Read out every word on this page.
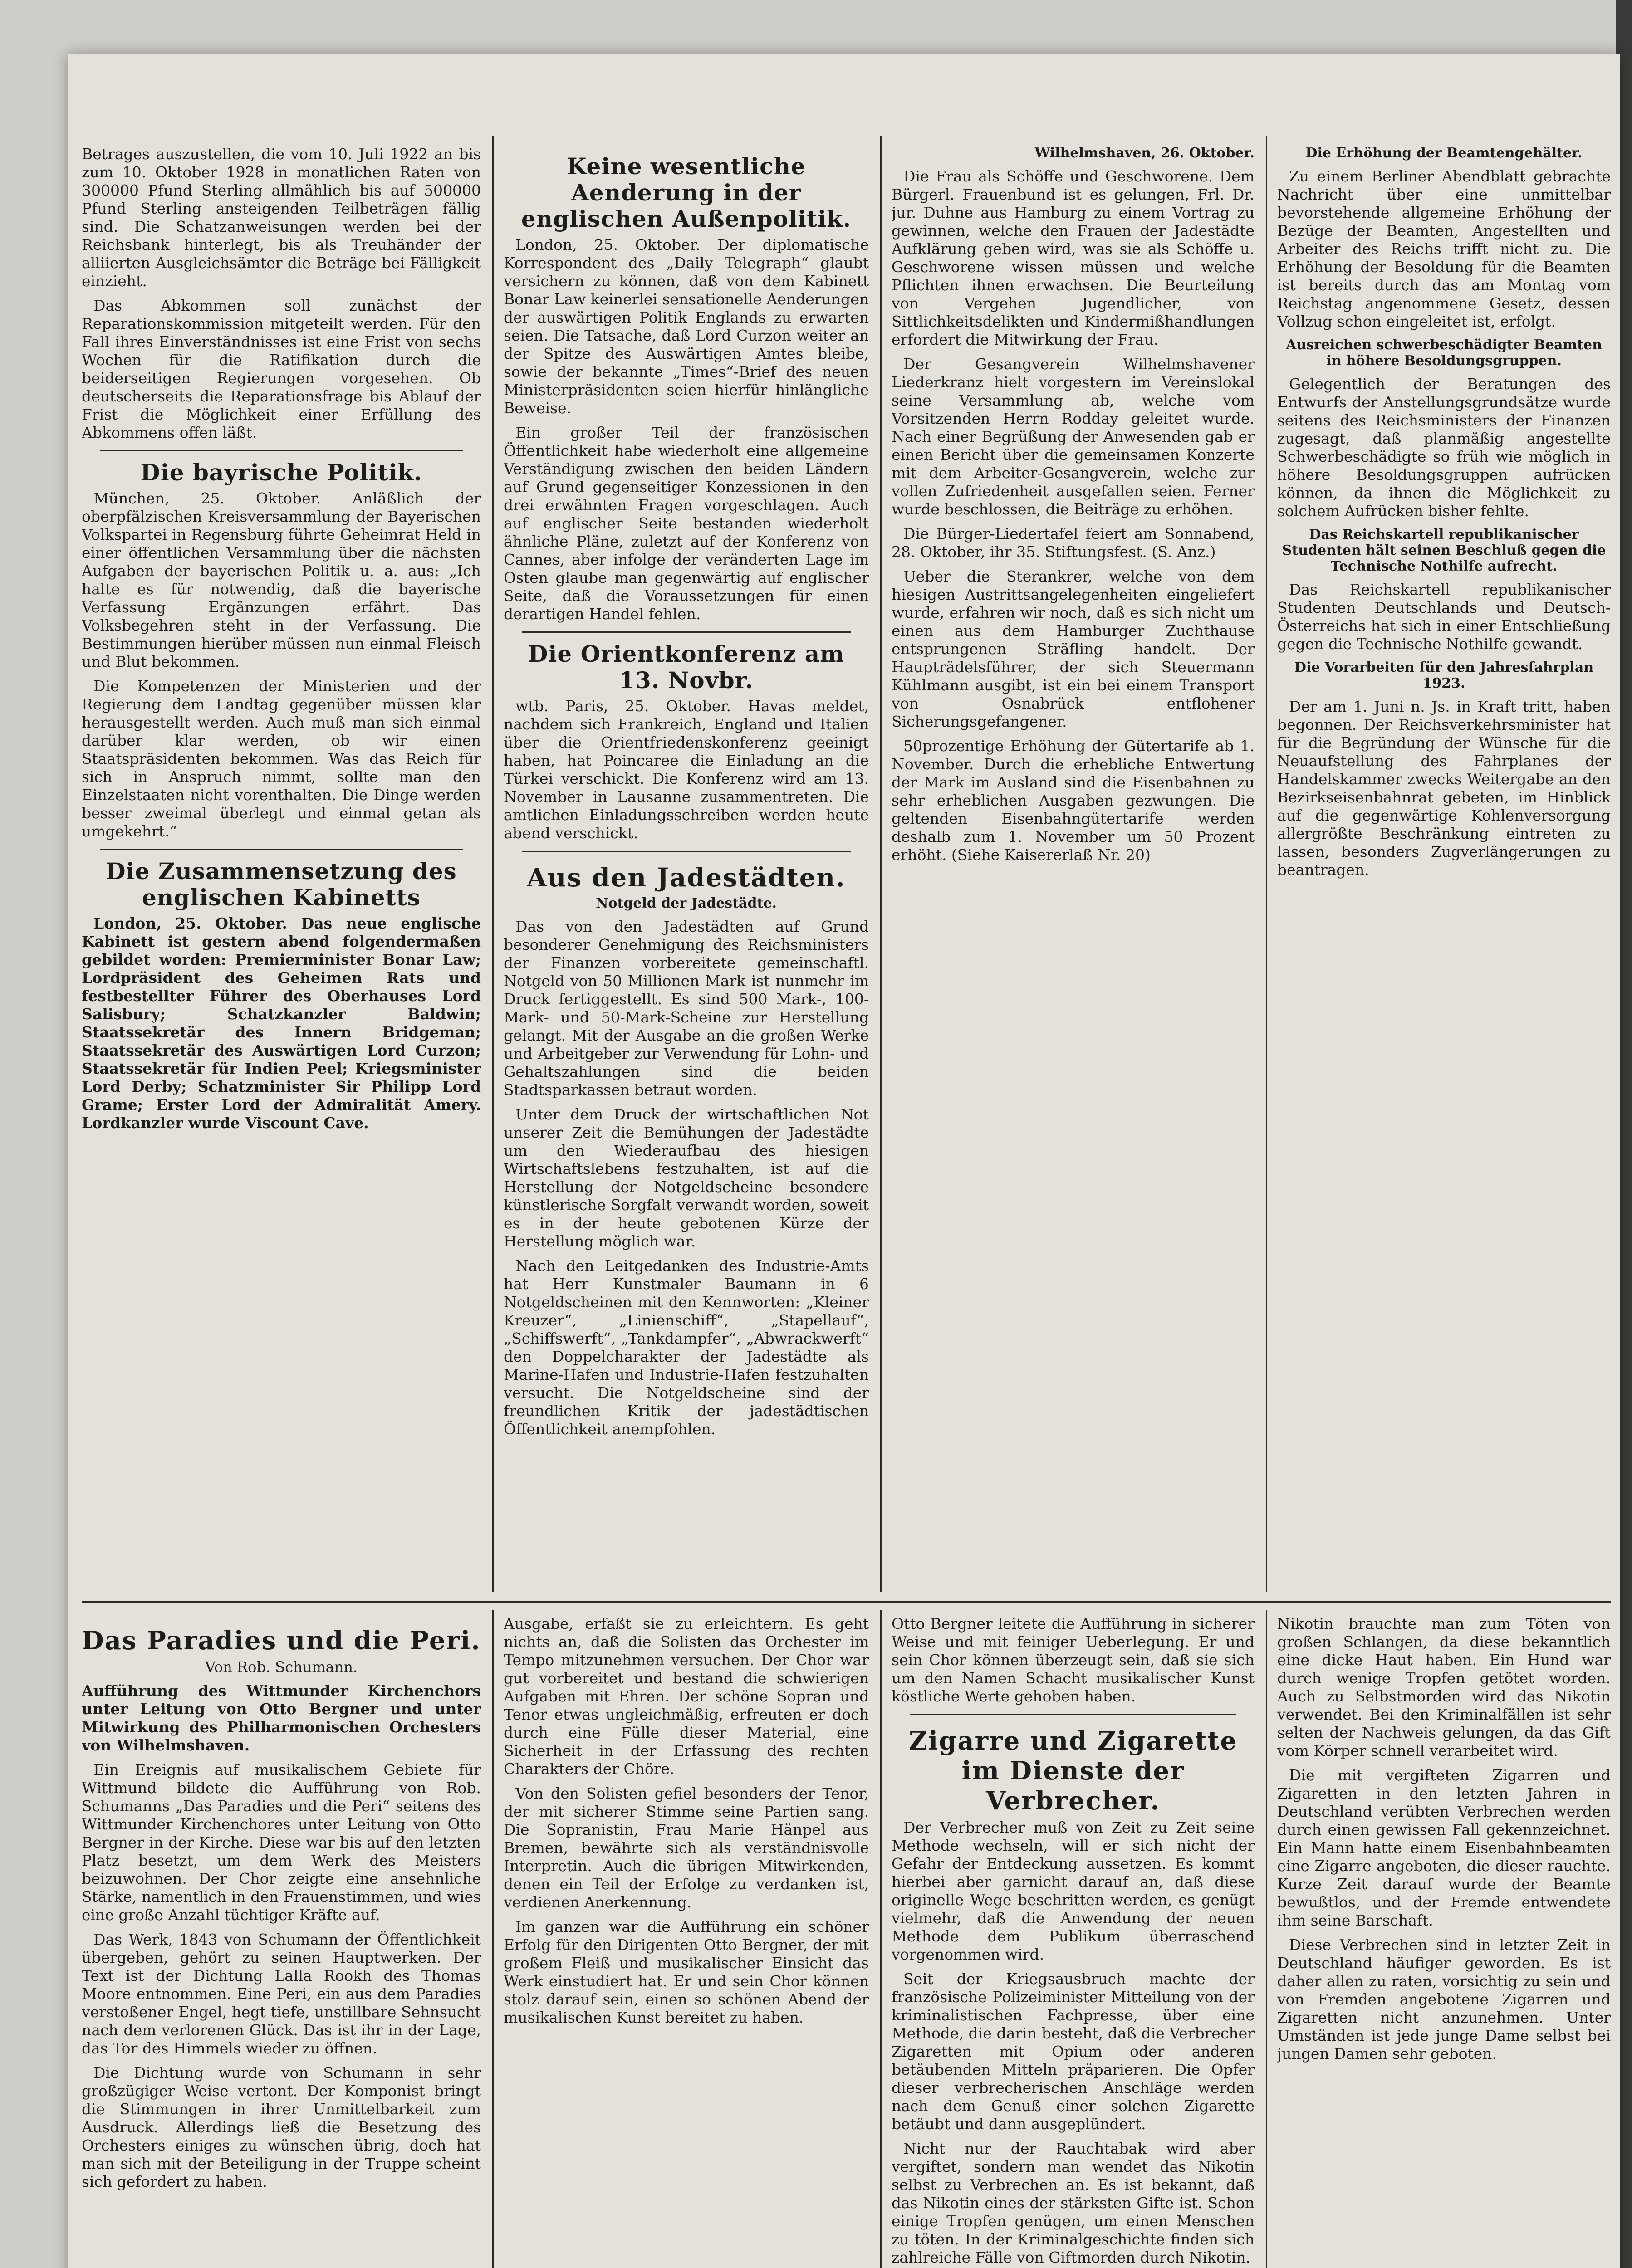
Betrages auszustellen, die vom 10. Juli 1922 an bis zum 10. Oktober 1928 in monatlichen Raten von 300000 Pfund Sterling allmählich bis auf 500000 Pfund Sterling ansteigenden Teilbeträgen fällig sind. Die Schatzanweisungen werden bei der Reichsbank hinterlegt, bis als Treuhänder der alliierten Ausgleichsämter die Beträge bei Fälligkeit einzieht.

Das Abkommen soll zunächst der Reparationskommission mitgeteilt werden. Für den Fall ihres Einverständnisses ist eine Frist von sechs Wochen für die Ratifikation durch die beiderseitigen Regierungen vorgesehen. Ob deutscherseits die Reparationsfrage bis Ablauf der Frist die Möglichkeit einer Erfüllung des Abkommens offen läßt.

Die bayrische Politik.

München, 25. Oktober. Anläßlich der oberpfälzischen Kreisversammlung der Bayerischen Volkspartei in Regensburg führte Geheimrat Held in einer öffentlichen Versammlung über die nächsten Aufgaben der bayerischen Politik u. a. aus: „Ich halte es für notwendig, daß die bayerische Verfassung Ergänzungen erfährt. Das Volksbegehren steht in der Verfassung. Die Bestimmungen hierüber müssen nun einmal Fleisch und Blut bekommen.

Die Kompetenzen der Ministerien und der Regierung dem Landtag gegenüber müssen klar herausgestellt werden. Auch muß man sich einmal darüber klar werden, ob wir einen Staatspräsidenten bekommen. Was das Reich für sich in Anspruch nimmt, sollte man den Einzelstaaten nicht vorenthalten. Die Dinge werden besser zweimal überlegt und einmal getan als umgekehrt.“

Die Zusammensetzung des englischen Kabinetts

London, 25. Oktober. Das neue englische Kabinett ist gestern abend folgendermaßen gebildet worden: Premierminister Bonar Law; Lordpräsident des Geheimen Rats und festbestellter Führer des Oberhauses Lord Salisbury; Schatzkanzler Baldwin; Staatssekretär des Innern Bridgeman; Staatssekretär des Auswärtigen Lord Curzon; Staatssekretär für Indien Peel; Kriegsminister Lord Derby; Schatzminister Sir Philipp Lord Grame; Erster Lord der Admiralität Amery. Lordkanzler wurde Viscount Cave.

Keine wesentliche Aenderung in der englischen Außenpolitik.

London, 25. Oktober. Der diplomatische Korrespondent des „Daily Telegraph“ glaubt versichern zu können, daß von dem Kabinett Bonar Law keinerlei sensationelle Aenderungen der auswärtigen Politik Englands zu erwarten seien. Die Tatsache, daß Lord Curzon weiter an der Spitze des Auswärtigen Amtes bleibe, sowie der bekannte „Times“-Brief des neuen Ministerpräsidenten seien hierfür hinlängliche Beweise.

Ein großer Teil der französischen Öffentlichkeit habe wiederholt eine allgemeine Verständigung zwischen den beiden Ländern auf Grund gegenseitiger Konzessionen in den drei erwähnten Fragen vorgeschlagen. Auch auf englischer Seite bestanden wiederholt ähnliche Pläne, zuletzt auf der Konferenz von Cannes, aber infolge der veränderten Lage im Osten glaube man gegenwärtig auf englischer Seite, daß die Voraussetzungen für einen derartigen Handel fehlen.

Die Orientkonferenz am 13. Novbr.

wtb. Paris, 25. Oktober. Havas meldet, nachdem sich Frankreich, England und Italien über die Orientfriedenskonferenz geeinigt haben, hat Poincaree die Einladung an die Türkei verschickt. Die Konferenz wird am 13. November in Lausanne zusammentreten. Die amtlichen Einladungsschreiben werden heute abend verschickt.

Aus den Jadestädten.
Notgeld der Jadestädte.

Das von den Jadestädten auf Grund besonderer Genehmigung des Reichsministers der Finanzen vorbereitete gemeinschaftl. Notgeld von 50 Millionen Mark ist nunmehr im Druck fertiggestellt. Es sind 500 Mark-, 100-Mark- und 50-Mark-Scheine zur Herstellung gelangt. Mit der Ausgabe an die großen Werke und Arbeitgeber zur Verwendung für Lohn- und Gehaltszahlungen sind die beiden Stadtsparkassen betraut worden.

Unter dem Druck der wirtschaftlichen Not unserer Zeit die Bemühungen der Jadestädte um den Wiederaufbau des hiesigen Wirtschaftslebens festzuhalten, ist auf die Herstellung der Notgeldscheine besondere künstlerische Sorgfalt verwandt worden, soweit es in der heute gebotenen Kürze der Herstellung möglich war.

Nach den Leitgedanken des Industrie-Amts hat Herr Kunstmaler Baumann in 6 Notgeldscheinen mit den Kennworten: „Kleiner Kreuzer“, „Linienschiff“, „Stapellauf“, „Schiffswerft“, „Tankdampfer“, „Abwrackwerft“ den Doppelcharakter der Jadestädte als Marine-Hafen und Industrie-Hafen festzuhalten versucht. Die Notgeldscheine sind der freundlichen Kritik der jadestädtischen Öffentlichkeit anempfohlen.

Wilhelmshaven, 26. Oktober.

Die Frau als Schöffe und Geschworene. Dem Bürgerl. Frauenbund ist es gelungen, Frl. Dr. jur. Duhne aus Hamburg zu einem Vortrag zu gewinnen, welche den Frauen der Jadestädte Aufklärung geben wird, was sie als Schöffe u. Geschworene wissen müssen und welche Pflichten ihnen erwachsen. Die Beurteilung von Vergehen Jugendlicher, von Sittlichkeitsdelikten und Kindermißhandlungen erfordert die Mitwirkung der Frau.

Der Gesangverein Wilhelmshavener Liederkranz hielt vorgestern im Vereinslokal seine Versammlung ab, welche vom Vorsitzenden Herrn Rodday geleitet wurde. Nach einer Begrüßung der Anwesenden gab er einen Bericht über die gemeinsamen Konzerte mit dem Arbeiter-Gesangverein, welche zur vollen Zufriedenheit ausgefallen seien. Ferner wurde beschlossen, die Beiträge zu erhöhen.

Die Bürger-Liedertafel feiert am Sonnabend, 28. Oktober, ihr 35. Stiftungsfest. (S. Anz.)

Ueber die Sterankrer, welche von dem hiesigen Austrittsangelegenheiten eingeliefert wurde, erfahren wir noch, daß es sich nicht um einen aus dem Hamburger Zuchthause entsprungenen Sträfling handelt. Der Haupträdelsführer, der sich Steuermann Kühlmann ausgibt, ist ein bei einem Transport von Osnabrück entflohener Sicherungsgefangener.

50prozentige Erhöhung der Gütertarife ab 1. November. Durch die erhebliche Entwertung der Mark im Ausland sind die Eisenbahnen zu sehr erheblichen Ausgaben gezwungen. Die geltenden Eisenbahngütertarife werden deshalb zum 1. November um 50 Prozent erhöht. (Siehe Kaisererlaß Nr. 20)

Die Erhöhung der Beamtengehälter.

Zu einem Berliner Abendblatt gebrachte Nachricht über eine unmittelbar bevorstehende allgemeine Erhöhung der Bezüge der Beamten, Angestellten und Arbeiter des Reichs trifft nicht zu. Die Erhöhung der Besoldung für die Beamten ist bereits durch das am Montag vom Reichstag angenommene Gesetz, dessen Vollzug schon eingeleitet ist, erfolgt.

Ausreichen schwerbeschädigter Beamten in höhere Besoldungsgruppen.

Gelegentlich der Beratungen des Entwurfs der Anstellungsgrundsätze wurde seitens des Reichsministers der Finanzen zugesagt, daß planmäßig angestellte Schwerbeschädigte so früh wie möglich in höhere Besoldungsgruppen aufrücken können, da ihnen die Möglichkeit zu solchem Aufrücken bisher fehlte.

Das Reichskartell republikanischer Studenten hält seinen Beschluß gegen die Technische Nothilfe aufrecht.

Das Reichskartell republikanischer Studenten Deutschlands und Deutsch-Österreichs hat sich in einer Entschließung gegen die Technische Nothilfe gewandt.

Die Vorarbeiten für den Jahresfahrplan 1923.

Der am 1. Juni n. Js. in Kraft tritt, haben begonnen. Der Reichsverkehrsminister hat für die Begründung der Wünsche für die Neuaufstellung des Fahrplanes der Handelskammer zwecks Weitergabe an den Bezirkseisenbahnrat gebeten, im Hinblick auf die gegenwärtige Kohlenversorgung allergrößte Beschränkung eintreten zu lassen, besonders Zugverlängerungen zu beantragen.

Das Paradies und die Peri.
Von Rob. Schumann.

Aufführung des Wittmunder Kirchenchors unter Leitung von Otto Bergner und unter Mitwirkung des Philharmonischen Orchesters von Wilhelmshaven.

Ein Ereignis auf musikalischem Gebiete für Wittmund bildete die Aufführung von Rob. Schumanns „Das Paradies und die Peri“ seitens des Wittmunder Kirchenchores unter Leitung von Otto Bergner in der Kirche. Diese war bis auf den letzten Platz besetzt, um dem Werk des Meisters beizuwohnen. Der Chor zeigte eine ansehnliche Stärke, namentlich in den Frauenstimmen, und wies eine große Anzahl tüchtiger Kräfte auf.

Das Werk, 1843 von Schumann der Öffentlichkeit übergeben, gehört zu seinen Hauptwerken. Der Text ist der Dichtung Lalla Rookh des Thomas Moore entnommen. Eine Peri, ein aus dem Paradies verstoßener Engel, hegt tiefe, unstillbare Sehnsucht nach dem verlorenen Glück. Das ist ihr in der Lage, das Tor des Himmels wieder zu öffnen.

Die Dichtung wurde von Schumann in sehr großzügiger Weise vertont. Der Komponist bringt die Stimmungen in ihrer Unmittelbarkeit zum Ausdruck. Allerdings ließ die Besetzung des Orchesters einiges zu wünschen übrig, doch hat man sich mit der Beteiligung in der Truppe scheint sich gefordert zu haben.

Ausgabe, erfaßt sie zu erleichtern. Es geht nichts an, daß die Solisten das Orchester im Tempo mitzunehmen versuchen. Der Chor war gut vorbereitet und bestand die schwierigen Aufgaben mit Ehren. Der schöne Sopran und Tenor etwas ungleichmäßig, erfreuten er doch durch eine Fülle dieser Material, eine Sicherheit in der Erfassung des rechten Charakters der Chöre.

Von den Solisten gefiel besonders der Tenor, der mit sicherer Stimme seine Partien sang. Die Sopranistin, Frau Marie Hänpel aus Bremen, bewährte sich als verständnisvolle Interpretin. Auch die übrigen Mitwirkenden, denen ein Teil der Erfolge zu verdanken ist, verdienen Anerkennung.

Im ganzen war die Aufführung ein schöner Erfolg für den Dirigenten Otto Bergner, der mit großem Fleiß und musikalischer Einsicht das Werk einstudiert hat. Er und sein Chor können stolz darauf sein, einen so schönen Abend der musikalischen Kunst bereitet zu haben.

Otto Bergner leitete die Aufführung in sicherer Weise und mit feiniger Ueberlegung. Er und sein Chor können überzeugt sein, daß sie sich um den Namen Schacht musikalischer Kunst köstliche Werte gehoben haben.

Zigarre und Zigarette im Dienste der Verbrecher.

Der Verbrecher muß von Zeit zu Zeit seine Methode wechseln, will er sich nicht der Gefahr der Entdeckung aussetzen. Es kommt hierbei aber garnicht darauf an, daß diese originelle Wege beschritten werden, es genügt vielmehr, daß die Anwendung der neuen Methode dem Publikum überraschend vorgenommen wird.

Seit der Kriegsausbruch machte der französische Polizeiminister Mitteilung von der kriminalistischen Fachpresse, über eine Methode, die darin besteht, daß die Verbrecher Zigaretten mit Opium oder anderen betäubenden Mitteln präparieren. Die Opfer dieser verbrecherischen Anschläge werden nach dem Genuß einer solchen Zigarette betäubt und dann ausgeplündert.

Nicht nur der Rauchtabak wird aber vergiftet, sondern man wendet das Nikotin selbst zu Verbrechen an. Es ist bekannt, daß das Nikotin eines der stärksten Gifte ist. Schon einige Tropfen genügen, um einen Menschen zu töten. In der Kriminalgeschichte finden sich zahlreiche Fälle von Giftmorden durch Nikotin.

Nikotin brauchte man zum Töten von großen Schlangen, da diese bekanntlich eine dicke Haut haben. Ein Hund war durch wenige Tropfen getötet worden. Auch zu Selbstmorden wird das Nikotin verwendet. Bei den Kriminalfällen ist sehr selten der Nachweis gelungen, da das Gift vom Körper schnell verarbeitet wird.

Die mit vergifteten Zigarren und Zigaretten in den letzten Jahren in Deutschland verübten Verbrechen werden durch einen gewissen Fall gekennzeichnet. Ein Mann hatte einem Eisenbahnbeamten eine Zigarre angeboten, die dieser rauchte. Kurze Zeit darauf wurde der Beamte bewußtlos, und der Fremde entwendete ihm seine Barschaft.

Diese Verbrechen sind in letzter Zeit in Deutschland häufiger geworden. Es ist daher allen zu raten, vorsichtig zu sein und von Fremden angebotene Zigarren und Zigaretten nicht anzunehmen. Unter Umständen ist jede junge Dame selbst bei jungen Damen sehr geboten.
